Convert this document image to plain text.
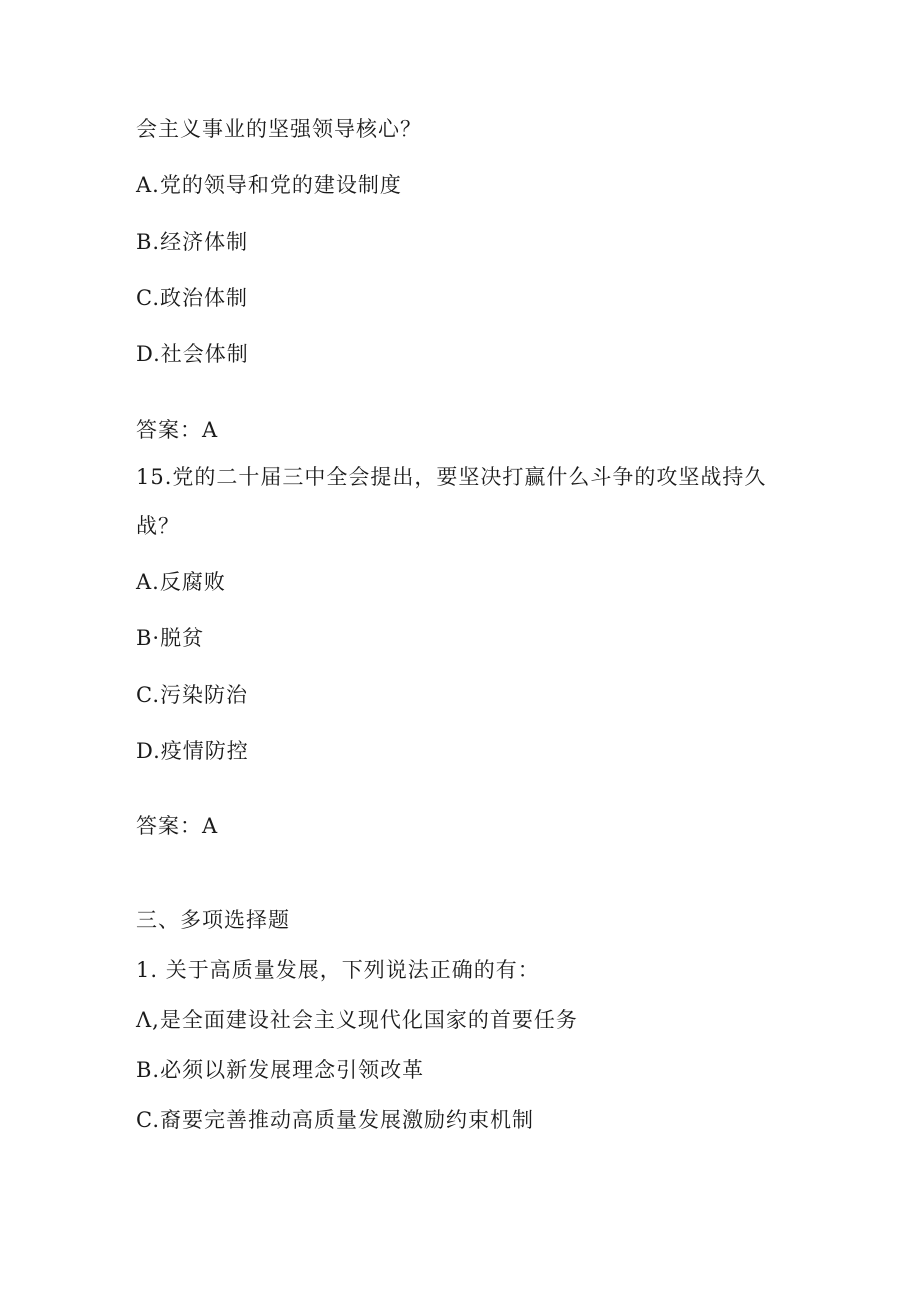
会主义事业的坚强领导核心？
A.党的领导和党的建设制度
B.经济体制
C.政治体制
D.社会体制
答案：A
15.党的二十届三中全会提出，要坚决打赢什么斗争的攻坚战持久
战？
A.反腐败
B·脱贫
C.污染防治
D.疫情防控
答案：A
三、多项选择题
1. 关于高质量发展，下列说法正确的有：
Λ,是全面建设社会主义现代化国家的首要任务
B.必须以新发展理念引领改革
C.裔要完善推动高质量发展激励约束机制
